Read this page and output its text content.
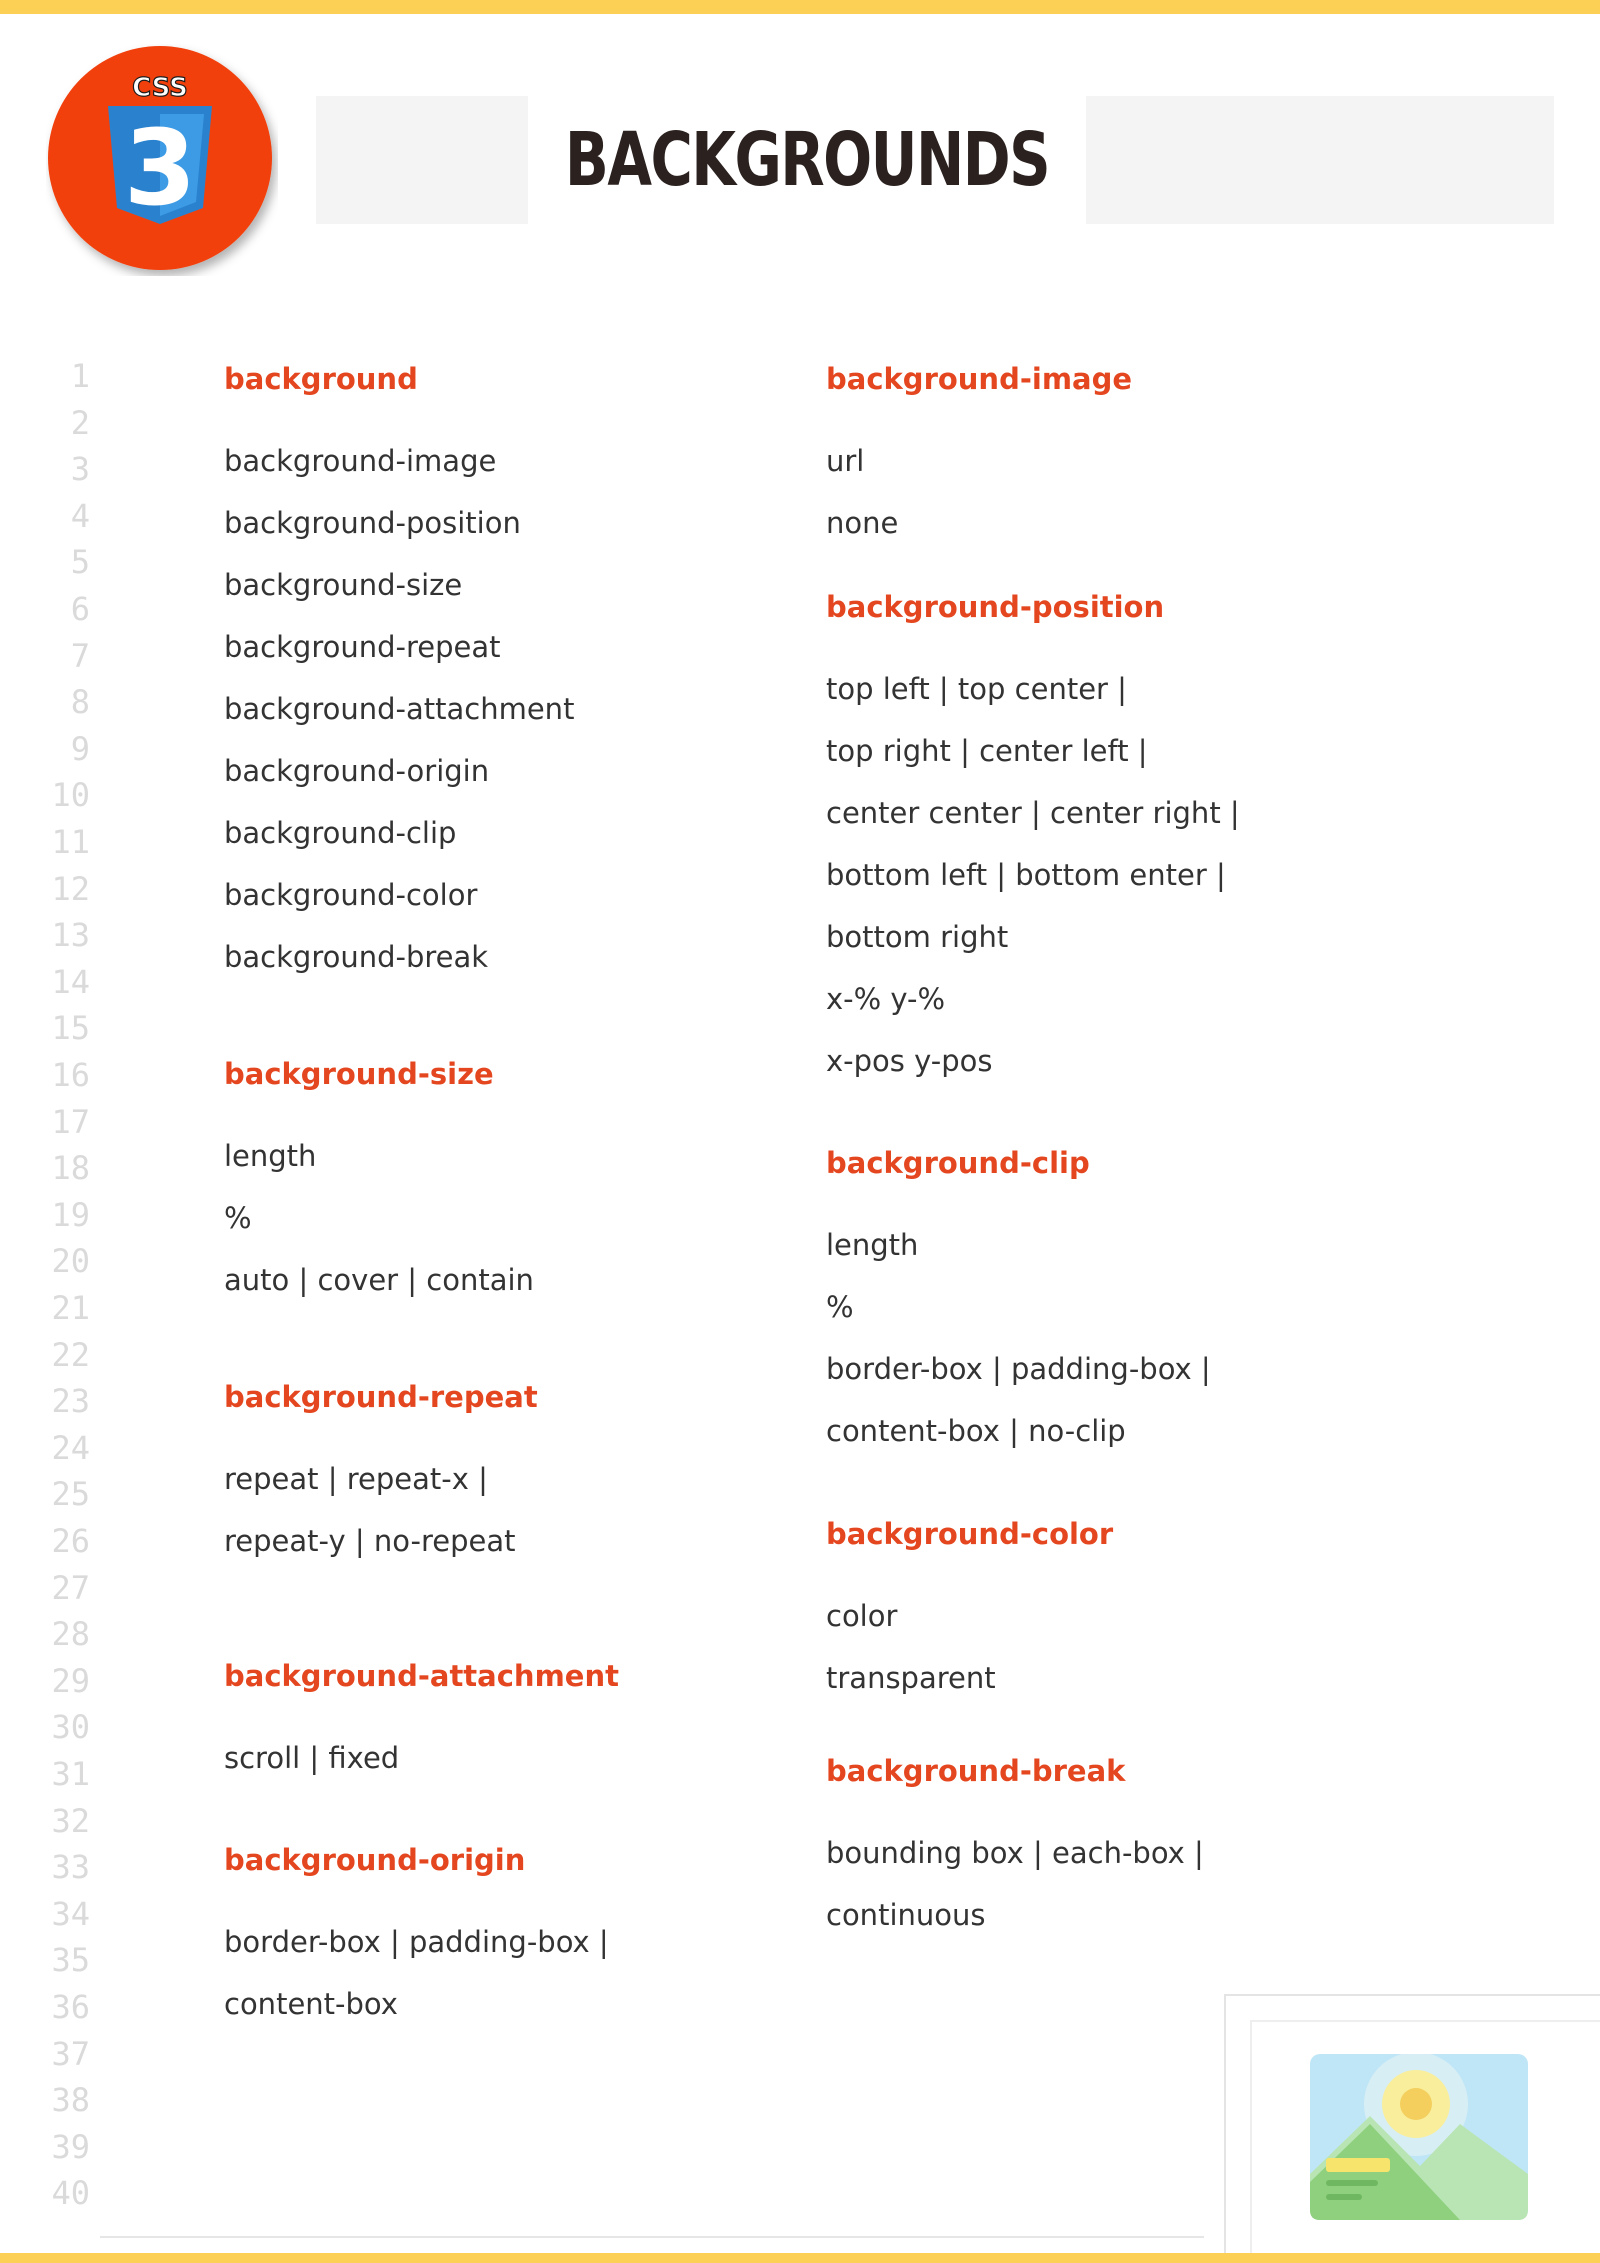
CSS
3	BACKGROUNDS
1
2
3
4
5
6
7
8
9
10
11
12
13
14
15
16
17
18
19
20
21
22
23
24
25
26
27
28
29
30
31
32
33
34
35
36
37
38
39
40
background
background-image
background-position
background-size
background-repeat
background-attachment
background-origin
background-clip
background-color
background-break
background-size
length
%
auto | cover | contain
background-repeat
repeat | repeat-x |
repeat-y | no-repeat
background-attachment
scroll | fixed
background-origin
border-box | padding-box |
content-box
background-image
url
none
background-position
top left | top center |
top right | center left |
center center | center right |
bottom left | bottom enter |
bottom right
x-% y-%
x-pos y-pos
background-clip
length
%
border-box | padding-box |
content-box | no-clip
background-color
color
transparent
background-break
bounding box | each-box |
continuous
